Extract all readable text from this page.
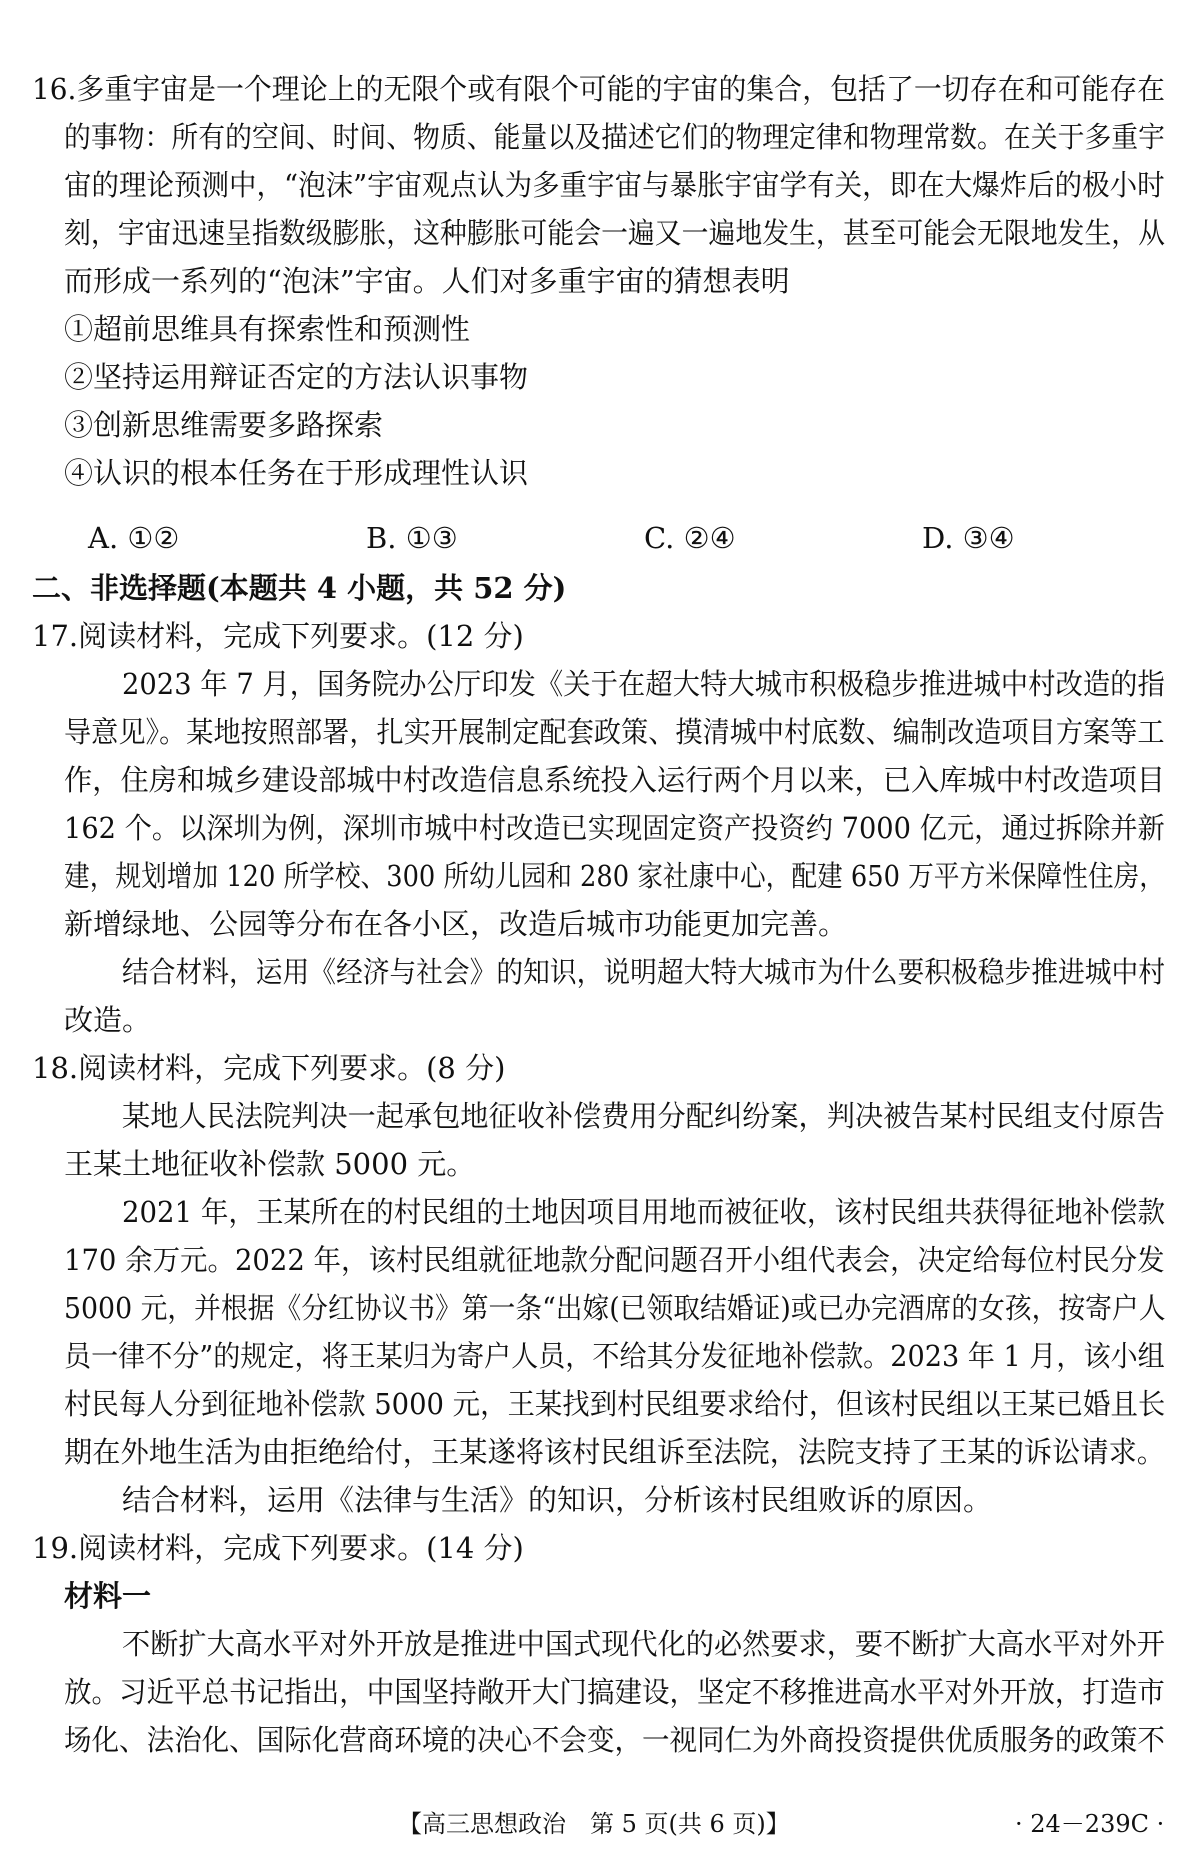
16.多重宇宙是一个理论上的无限个或有限个可能的宇宙的集合，包括了一切存在和可能存在
的事物：所有的空间、时间、物质、能量以及描述它们的物理定律和物理常数。在关于多重宇
宙的理论预测中，“泡沫”宇宙观点认为多重宇宙与暴胀宇宙学有关，即在大爆炸后的极小时
刻，宇宙迅速呈指数级膨胀，这种膨胀可能会一遍又一遍地发生，甚至可能会无限地发生，从
而形成一系列的“泡沫”宇宙。人们对多重宇宙的猜想表明
①超前思维具有探索性和预测性
②坚持运用辩证否定的方法认识事物
③创新思维需要多路探索
④认识的根本任务在于形成理性认识
A. ①②	B. ①③	C. ②④	D. ③④
二、非选择题(本题共 4 小题，共 52 分)
17.阅读材料，完成下列要求。(12 分)
2023 年 7 月，国务院办公厅印发《关于在超大特大城市积极稳步推进城中村改造的指
导意见》。某地按照部署，扎实开展制定配套政策、摸清城中村底数、编制改造项目方案等工
作，住房和城乡建设部城中村改造信息系统投入运行两个月以来，已入库城中村改造项目
162 个。以深圳为例，深圳市城中村改造已实现固定资产投资约 7000 亿元，通过拆除并新
建，规划增加 120 所学校、300 所幼儿园和 280 家社康中心，配建 650 万平方米保障性住房，
新增绿地、公园等分布在各小区，改造后城市功能更加完善。
结合材料，运用《经济与社会》的知识，说明超大特大城市为什么要积极稳步推进城中村
改造。
18.阅读材料，完成下列要求。(8 分)
某地人民法院判决一起承包地征收补偿费用分配纠纷案，判决被告某村民组支付原告
王某土地征收补偿款 5000 元。
2021 年，王某所在的村民组的土地因项目用地而被征收，该村民组共获得征地补偿款
170 余万元。2022 年，该村民组就征地款分配问题召开小组代表会，决定给每位村民分发
5000 元，并根据《分红协议书》第一条“出嫁(已领取结婚证)或已办完酒席的女孩，按寄户人
员一律不分”的规定，将王某归为寄户人员，不给其分发征地补偿款。2023 年 1 月，该小组
村民每人分到征地补偿款 5000 元，王某找到村民组要求给付，但该村民组以王某已婚且长
期在外地生活为由拒绝给付，王某遂将该村民组诉至法院，法院支持了王某的诉讼请求。
结合材料，运用《法律与生活》的知识，分析该村民组败诉的原因。
19.阅读材料，完成下列要求。(14 分)
材料一
不断扩大高水平对外开放是推进中国式现代化的必然要求，要不断扩大高水平对外开
放。习近平总书记指出，中国坚持敞开大门搞建设，坚定不移推进高水平对外开放，打造市
场化、法治化、国际化营商环境的决心不会变，一视同仁为外商投资提供优质服务的政策不
【高三思想政治　第 5 页(共 6 页)】	· 24－239C ·
